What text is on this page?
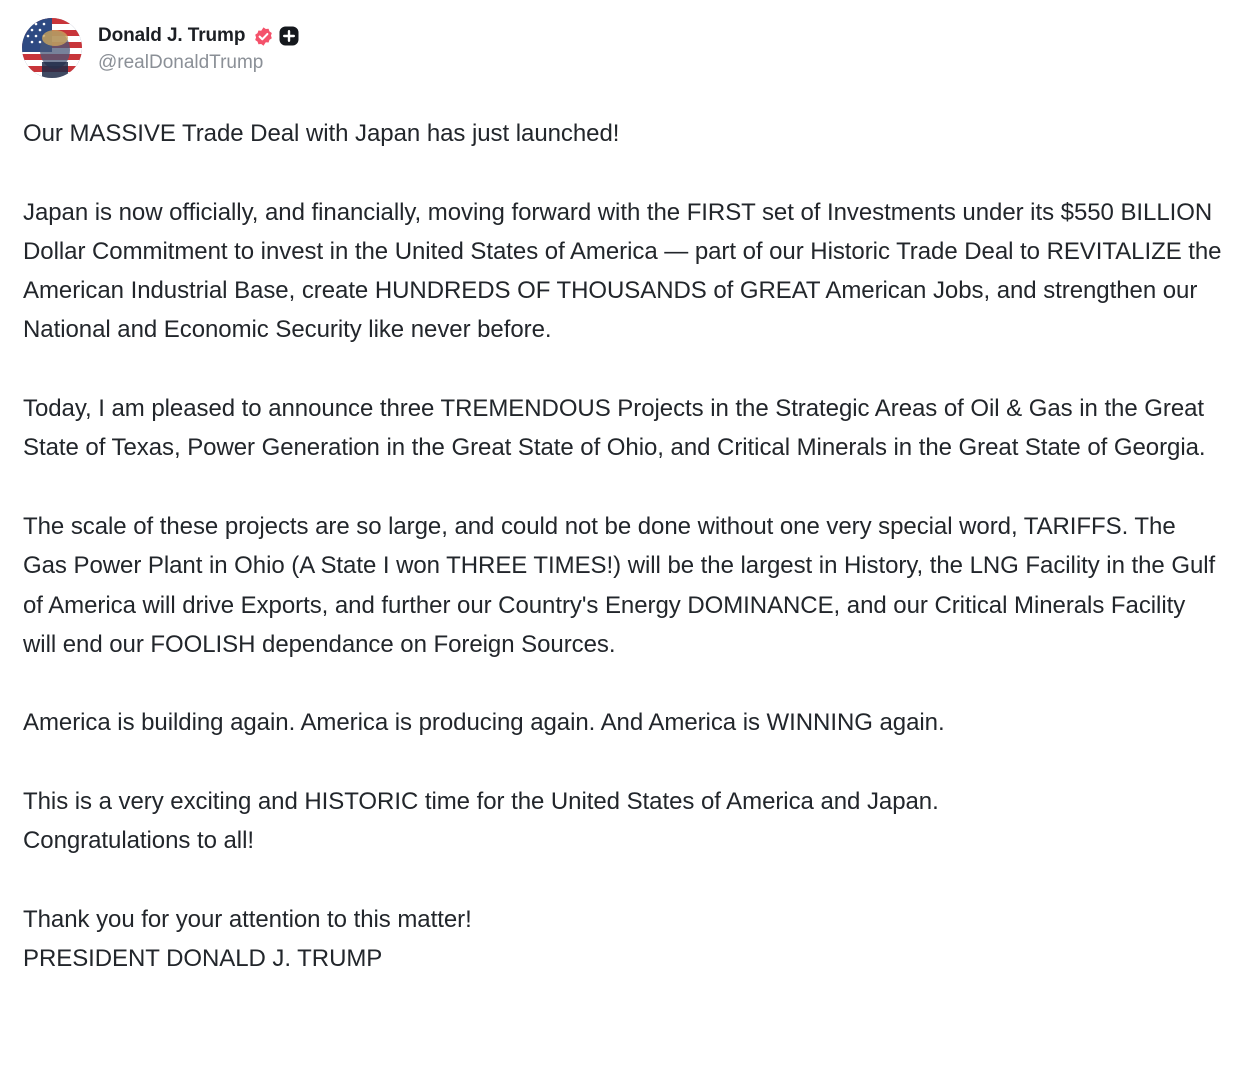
Donald J. Trump
@realDonaldTrump

Our MASSIVE Trade Deal with Japan has just launched!

Japan is now officially, and financially, moving forward with the FIRST set of Investments under its $550 BILLION Dollar Commitment to invest in the United States of America — part of our Historic Trade Deal to REVITALIZE the American Industrial Base, create HUNDREDS OF THOUSANDS of GREAT American Jobs, and strengthen our National and Economic Security like never before.

Today, I am pleased to announce three TREMENDOUS Projects in the Strategic Areas of Oil & Gas in the Great State of Texas, Power Generation in the Great State of Ohio, and Critical Minerals in the Great State of Georgia.

The scale of these projects are so large, and could not be done without one very special word, TARIFFS. The Gas Power Plant in Ohio (A State I won THREE TIMES!) will be the largest in History, the LNG Facility in the Gulf of America will drive Exports, and further our Country's Energy DOMINANCE, and our Critical Minerals Facility will end our FOOLISH dependance on Foreign Sources.

America is building again. America is producing again. And America is WINNING again.

This is a very exciting and HISTORIC time for the United States of America and Japan.
Congratulations to all!

Thank you for your attention to this matter!
PRESIDENT DONALD J. TRUMP
